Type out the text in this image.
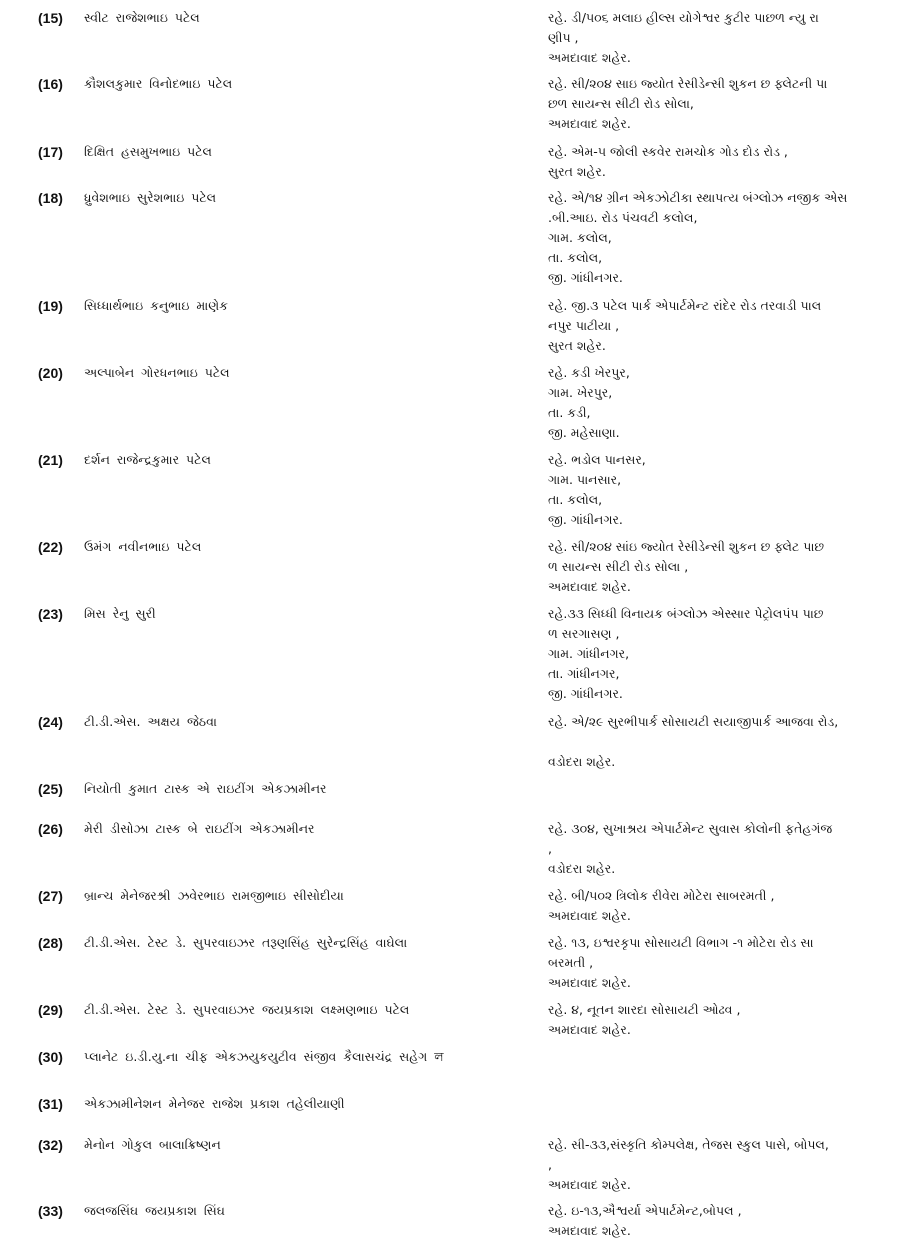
(15)	સ્વીટ રાજેશભાઇ પટેલ	રહે. ડી/૫૦૬ મલાઇ હીલ્સ યોગેશ્વર કુટીર પાછળ ન્યુ રા
ણીપ ,
અમદાવાદ શહેર.
(16)	કૌશલકુમાર વિનોદભાઇ પટેલ	રહે. સી/૨૦૪ સાઇ જ્યોત રેસીડેન્સી શુકન છ ફ્લેટની પા
છળ સાયન્સ સીટી રોડ સોલા,
અમદાવાદ શહેર.
(17)	દિક્ષિત હસમુખભાઇ પટેલ	રહે. એમ-૫ જોલી સ્કવેર રામચોક ગોડ દોડ રોડ ,
સુરત શહેર.
(18)	ધ્રુવેશભાઇ સુરેશભાઇ પટેલ	રહે. એ/૧૪ ગ્રીન એકઝોટીકા સ્થાપત્ય બંગ્લોઝ નજીક એસ
.બી.આઇ. રોડ પંચવટી કલોલ,
ગામ. કલોલ,
તા. કલોલ,
જી. ગાંધીનગર.
(19)	સિધ્ધાર્થભાઇ કનુભાઇ માણેક	રહે. જી.૩ પટેલ પાર્ક એપાર્ટમેન્ટ રાંદેર રોડ તરવાડી પાલ
નપુર પાટીયા ,
સુરત શહેર.
(20)	અલ્પાબેન ગોરધનભાઇ પટેલ	રહે. કડી ખેરપુર,
ગામ. ખેરપુર,
તા. કડી,
જી. મહેસાણા.
(21)	દર્શન રાજેન્દ્રકુમાર પટેલ	રહે. ભડોલ પાનસર,
ગામ. પાનસાર,
તા. કલોલ,
જી. ગાંધીનગર.
(22)	ઉમંગ નવીનભાઇ પટેલ	રહે. સી/૨૦૪ સાંઇ જ્યોત રેસીડેન્સી શુકન છ ફ્લેટ પાછ
ળ સાયન્સ સીટી રોડ સોલા ,
અમદાવાદ શહેર.
(23)	મિસ રેનુ સુરી	રહે.૩૩ સિધ્ધી વિનાયક બંગ્લોઝ એસ્સાર પેટ્રોલપંપ પાછ
ળ સરગાસણ ,
ગામ. ગાંધીનગર,
તા. ગાંધીનગર,
જી. ગાંધીનગર.
(24)	ટી.ડી.એસ. અક્ષય જેઠવા	રહે. એ/૨૯ સુરભીપાર્ક સોસાયટી સયાજીપાર્ક આજવા રોડ,
વડોદરા શહેર.
(25)	નિયોતી કુમાત ટાસ્ક એ રાઇટીંગ એકઝામીનર
(26)	મેરી ડીસોઝા ટાસ્ક બે રાઇટીંગ એકઝામીનર	રહે. ૩૦૪, સુખાશ્રય એપાર્ટમેન્ટ સુવાસ કોલોની ફતેહગંજ
,
વડોદરા શહેર.
(27)	બ્રાન્ચ મેનેજરશ્રી ઝવેરભાઇ રામજીભાઇ સીસોદીયા	રહે. બી/૫૦૨ ત્રિલોક રીવેરા મોટેરા સાબરમતી ,
અમદાવાદ શહેર.
(28)	ટી.ડી.એસ. ટેસ્ટ ડે. સુપરવાઇઝર તરૂણસિંહ સુરેન્દ્રસિંહ વાઘેલા	રહે. ૧૩, ઇશ્વરકૃપા સોસાયટી વિભાગ -૧ મોટેરા રોડ સા
બરમતી ,
અમદાવાદ શહેર.
(29)	ટી.ડી.એસ. ટેસ્ટ ડે. સુપરવાઇઝર જયપ્રકાશ લક્ષ્મણભાઇ પટેલ	રહે. ૪, નૂતન શારદા સોસાયટી ઓઢવ ,
અમદાવાદ શહેર.
(30)	પ્લાનેટ ઇ.ડી.યુ.ના ચીફ એકઝયુકયુટીવ સંજીવ કૈલાસચંદ્ર સહેગ ল
(31)	એકઝામીનેશન મેનેજર રાજેશ પ્રકાશ તહેલીયાણી
(32)	મેનોન ગોકુલ બાલાક્રિષ્ણન	રહે. સી-૩૩,સંસ્કૃતિ કોમ્પલેક્ષ, તેજસ સ્કુલ પાસે, બોપલ,
,
અમદાવાદ શહેર.
(33)	જલજસિંઘ જયપ્રકાશ સિંઘ	રહે. ઇ-૧૩,ઐશ્વર્યા એપાર્ટમેન્ટ,બોપલ ,
અમદાવાદ શહેર.
